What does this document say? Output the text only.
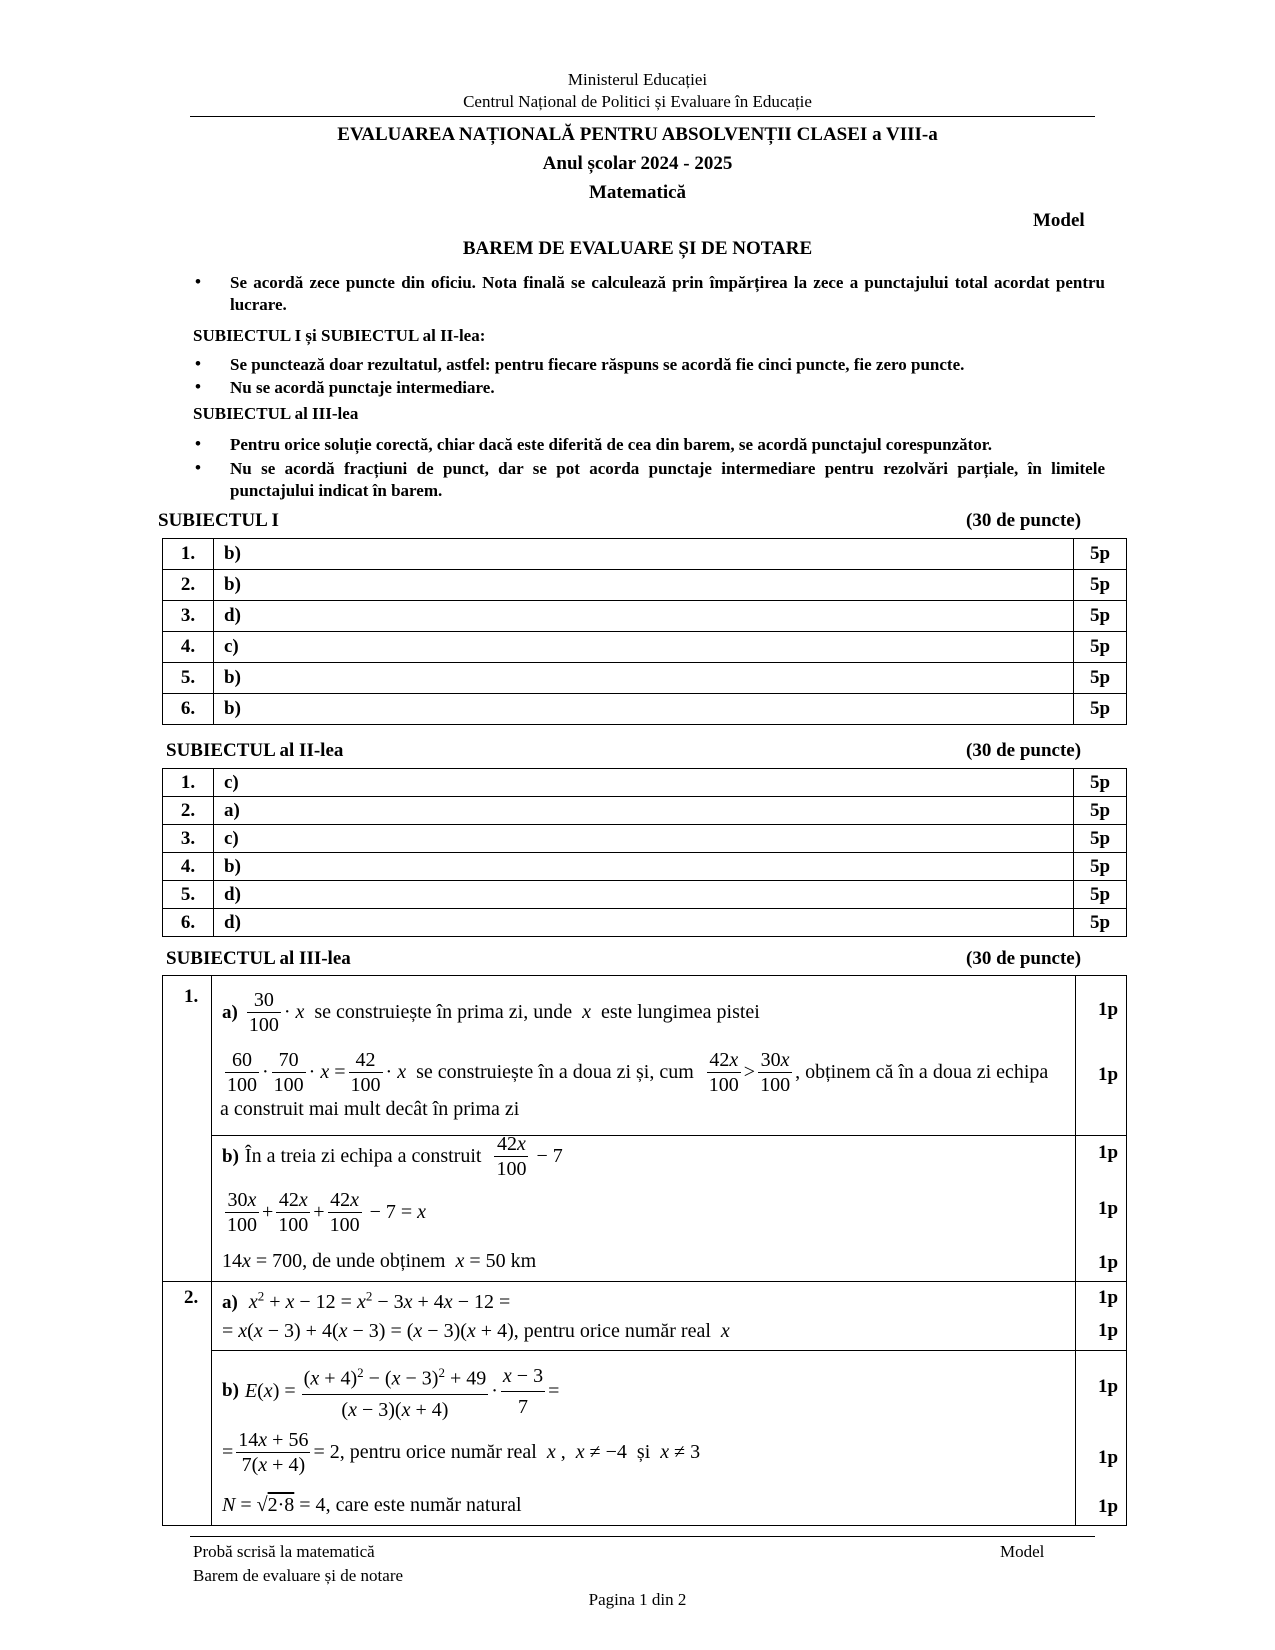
Ministerul Educației
Centrul Național de Politici și Evaluare în Educație
EVALUAREA NAȚIONALĂ PENTRU ABSOLVENȚII CLASEI a VIII-a
Anul școlar 2024 - 2025
Matematică
Model
BAREM DE EVALUARE ȘI DE NOTARE
• Se acordă zece puncte din oficiu. Nota finală se calculează prin împărțirea la zece a punctajului total acordat pentru lucrare.
SUBIECTUL I și SUBIECTUL al II-lea:
• Se punctează doar rezultatul, astfel: pentru fiecare răspuns se acordă fie cinci puncte, fie zero puncte.
• Nu se acordă punctaje intermediare.
SUBIECTUL al III-lea
• Pentru orice soluție corectă, chiar dacă este diferită de cea din barem, se acordă punctajul corespunzător.
• Nu se acordă fracțiuni de punct, dar se pot acorda punctaje intermediare pentru rezolvări parțiale, în limitele punctajului indicat în barem.
SUBIECTUL I	(30 de puncte)
1.	b)	5p
2.	b)	5p
3.	d)	5p
4.	c)	5p
5.	b)	5p
6.	b)	5p
SUBIECTUL al II-lea	(30 de puncte)
1.	c)	5p
2.	a)	5p
3.	c)	5p
4.	b)	5p
5.	d)	5p
6.	d)	5p
SUBIECTUL al III-lea	(30 de puncte)
1.
$a) \frac{30}{100} \cdot x$ se construiește în prima zi, unde x este lungimea pistei	1p
$\frac{60}{100} \cdot \frac{70}{100} \cdot x = \frac{42}{100} \cdot x$ se construiește în a doua zi și, cum
$\frac{42x}{100} > \frac{30x}{100}$ , obținem că în a doua zi echipa	1p
a construit mai mult decât în prima zi
b) În a treia zi echipa a construit
$\frac{42x}{100} - 7$	1p
$\frac{30x}{100} + \frac{42x}{100} + \frac{42x}{100} - 7 = x$	1p
14x = 700, de unde obținem x = 50 km	1p
2. a) $x^2 + x - 12 = x^2 - 3x + 4x - 12$ =	1p
= x(x − 3) + 4(x − 3) = (x − 3)(x + 4), pentru orice număr real x	1p
b) $E(x) = \frac{(x + 4)^2 - (x - 3)^2 + 49}{(x - 3)(x + 4)} \cdot \frac{x - 3}{7}$ =	1p
= $\frac{14x + 56}{7(x + 4)} = 2$ , pentru orice număr real x ,  x ≠ −4 și x ≠ 3	1p
N = √2·8 = 4, care este număr natural	1p
Probă scrisă la matematică	Model
Barem de evaluare și de notare
Pagina 1 din 2
